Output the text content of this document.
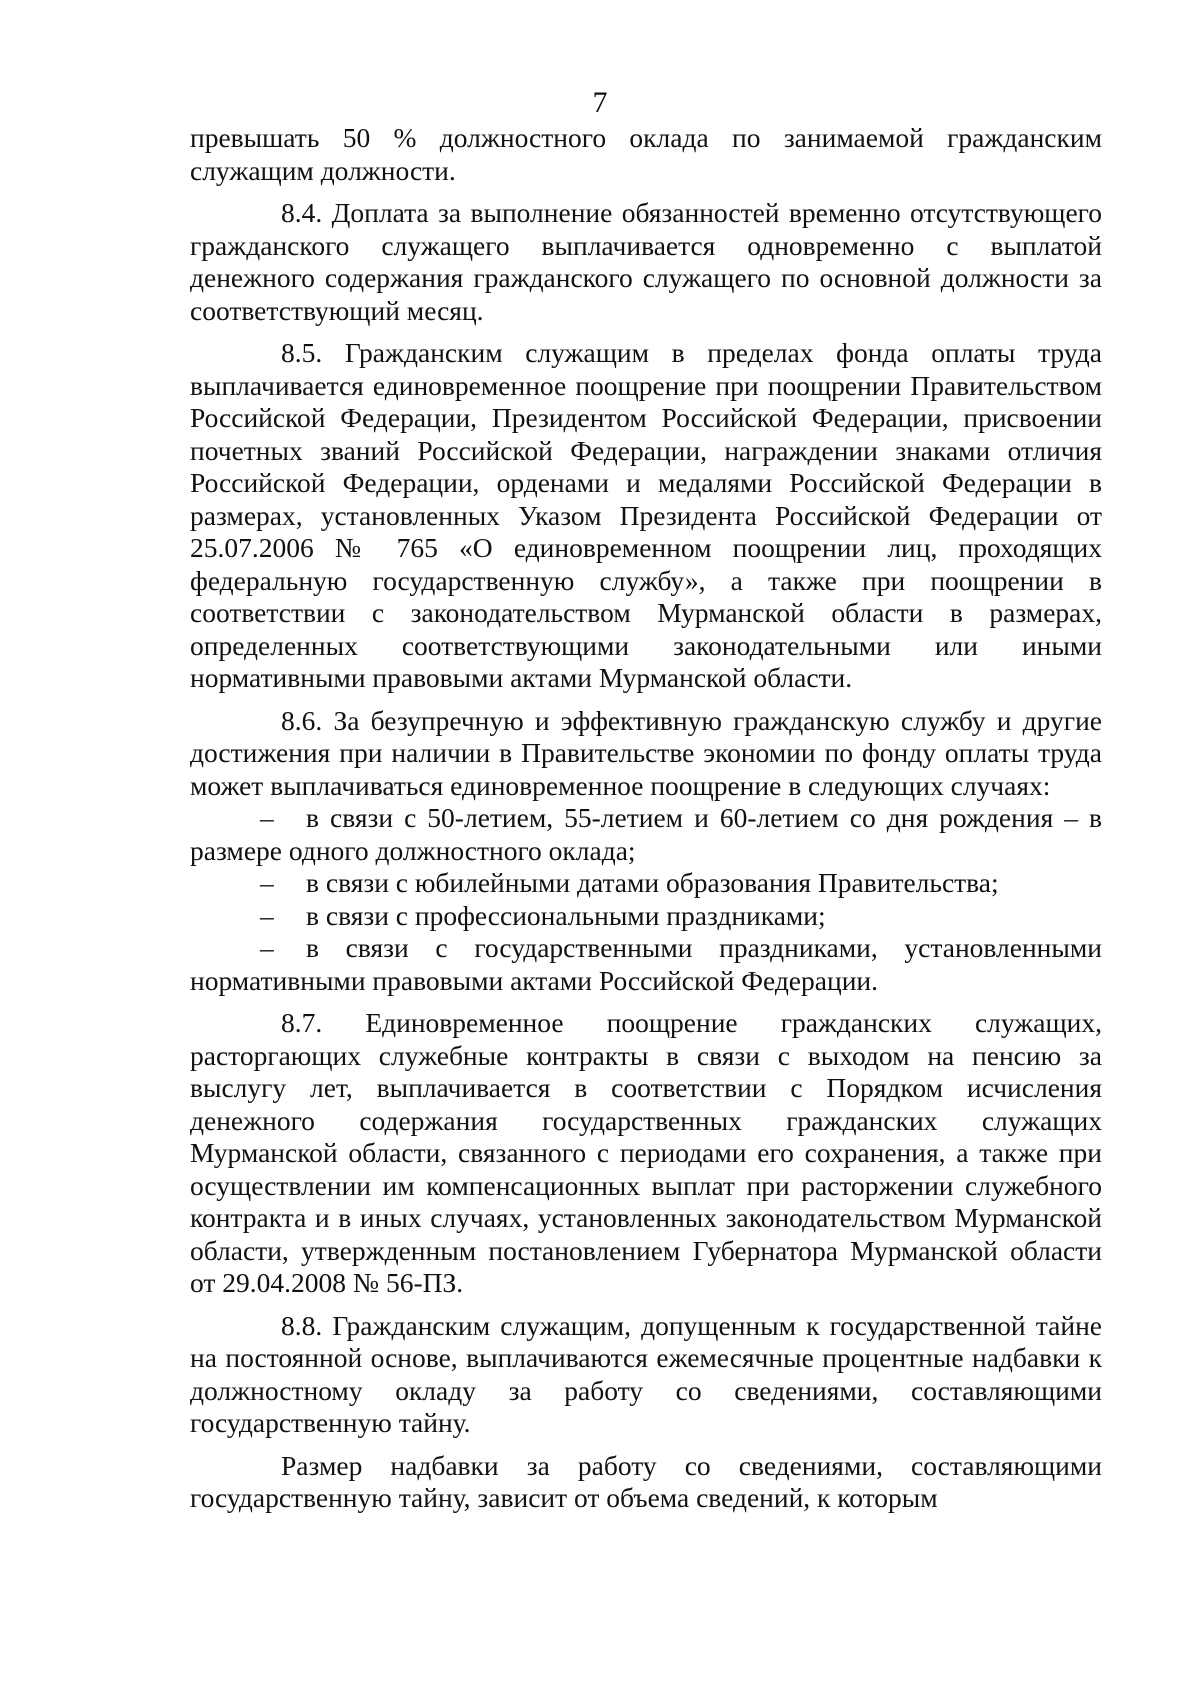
7

превышать 50 % должностного оклада по занимаемой гражданским служащим должности.

8.4. Доплата за выполнение обязанностей временно отсутствующего гражданского служащего выплачивается одновременно с выплатой денежного содержания гражданского служащего по основной должности за соответствующий месяц.

8.5. Гражданским служащим в пределах фонда оплаты труда выплачивается единовременное поощрение при поощрении Правительством Российской Федерации, Президентом Российской Федерации, присвоении почетных званий Российской Федерации, награждении знаками отличия Российской Федерации, орденами и медалями Российской Федерации в размерах, установленных Указом Президента Российской Федерации от 25.07.2006 № 765 «О единовременном поощрении лиц, проходящих федеральную государственную службу», а также при поощрении в соответствии с законодательством Мурманской области в размерах, определенных соответствующими законодательными или иными нормативными правовыми актами Мурманской области.

8.6. За безупречную и эффективную гражданскую службу и другие достижения при наличии в Правительстве экономии по фонду оплаты труда может выплачиваться единовременное поощрение в следующих случаях:

– в связи с 50-летием, 55-летием и 60-летием со дня рождения – в размере одного должностного оклада;

– в связи с юбилейными датами образования Правительства;

– в связи с профессиональными праздниками;

– в связи с государственными праздниками, установленными нормативными правовыми актами Российской Федерации.

8.7. Единовременное поощрение гражданских служащих, расторгающих служебные контракты в связи с выходом на пенсию за выслугу лет, выплачивается в соответствии с Порядком исчисления денежного содержания государственных гражданских служащих Мурманской области, связанного с периодами его сохранения, а также при осуществлении им компенсационных выплат при расторжении служебного контракта и в иных случаях, установленных законодательством Мурманской области, утвержденным постановлением Губернатора Мурманской области от 29.04.2008 № 56-ПЗ.

8.8. Гражданским служащим, допущенным к государственной тайне на постоянной основе, выплачиваются ежемесячные процентные надбавки к должностному окладу за работу со сведениями, составляющими государственную тайну.

Размер надбавки за работу со сведениями, составляющими государственную тайну, зависит от объема сведений, к которым
